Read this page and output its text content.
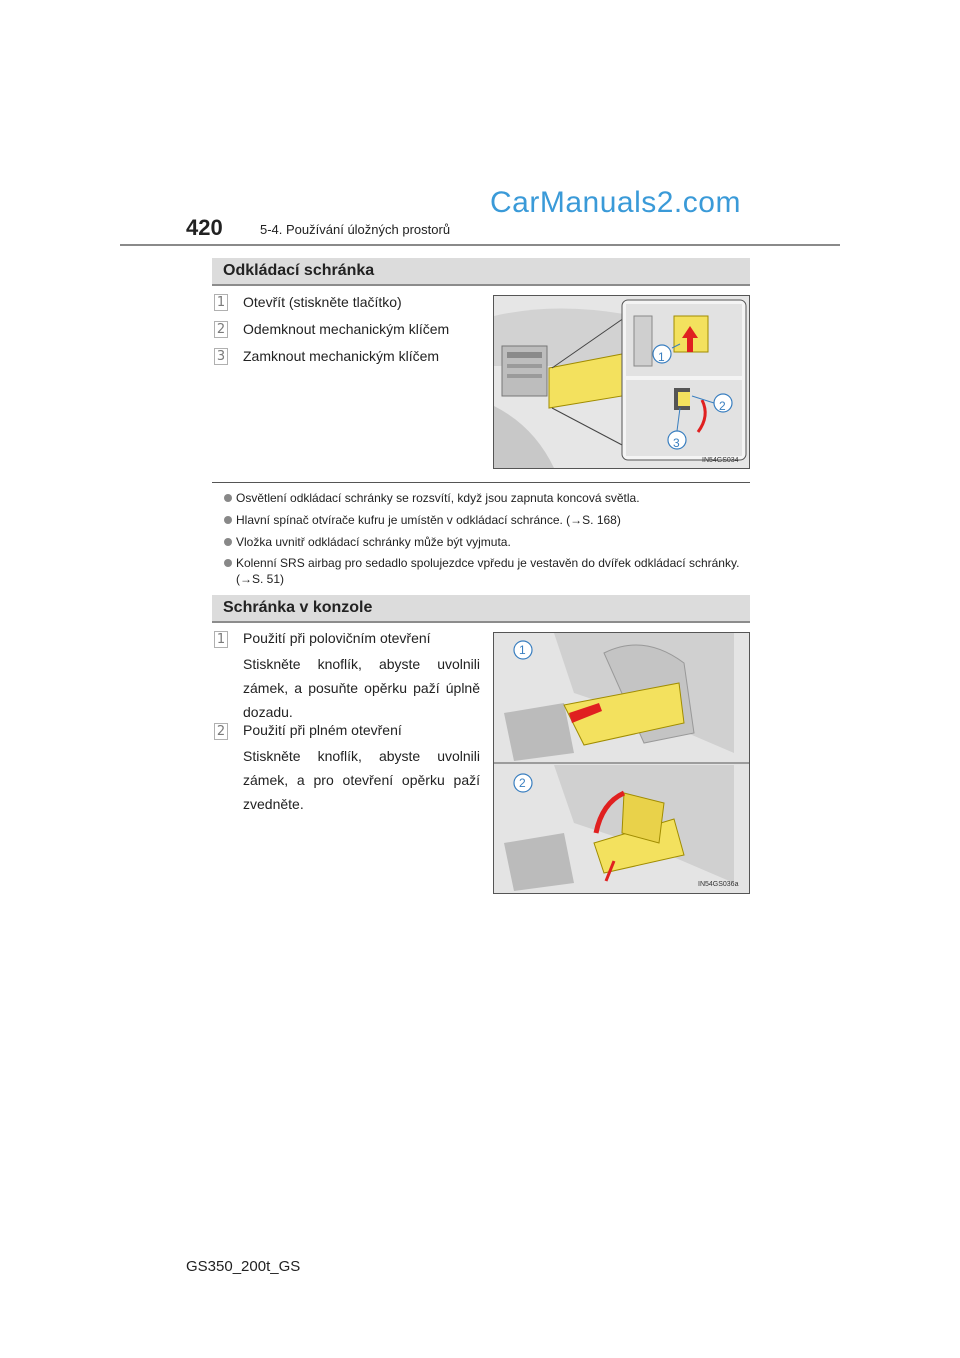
420	5-4. Používání úložných prostorů
CarManuals2.com
Odkládací schránka
1 Otevřít (stiskněte tlačítko)
2 Odemknout mechanickým klíčem
3 Zamknout mechanickým klíčem	1
2
3
IN54GS034
Osvětlení odkládací schránky se rozsvítí, když jsou zapnuta koncová světla.
Hlavní spínač otvírače kufru je umístěn v odkládací schránce. (→S. 168)
Vložka uvnitř odkládací schránky může být vyjmuta.
Kolenní SRS airbag pro sedadlo spolujezdce vpředu je vestavěn do dvířek odkládací schránky. (→S. 51)
Schránka v konzole
1 Použití při polovičním otevření
Stiskněte knoflík, abyste uvolnili zámek, a posuňte opěrku paží úplně dozadu.
2 Použití při plném otevření
Stiskněte knoflík, abyste uvolnili zámek, a pro otevření opěrku paží zvedněte.
1
2
IN54GS036a
GS350_200t_GS
